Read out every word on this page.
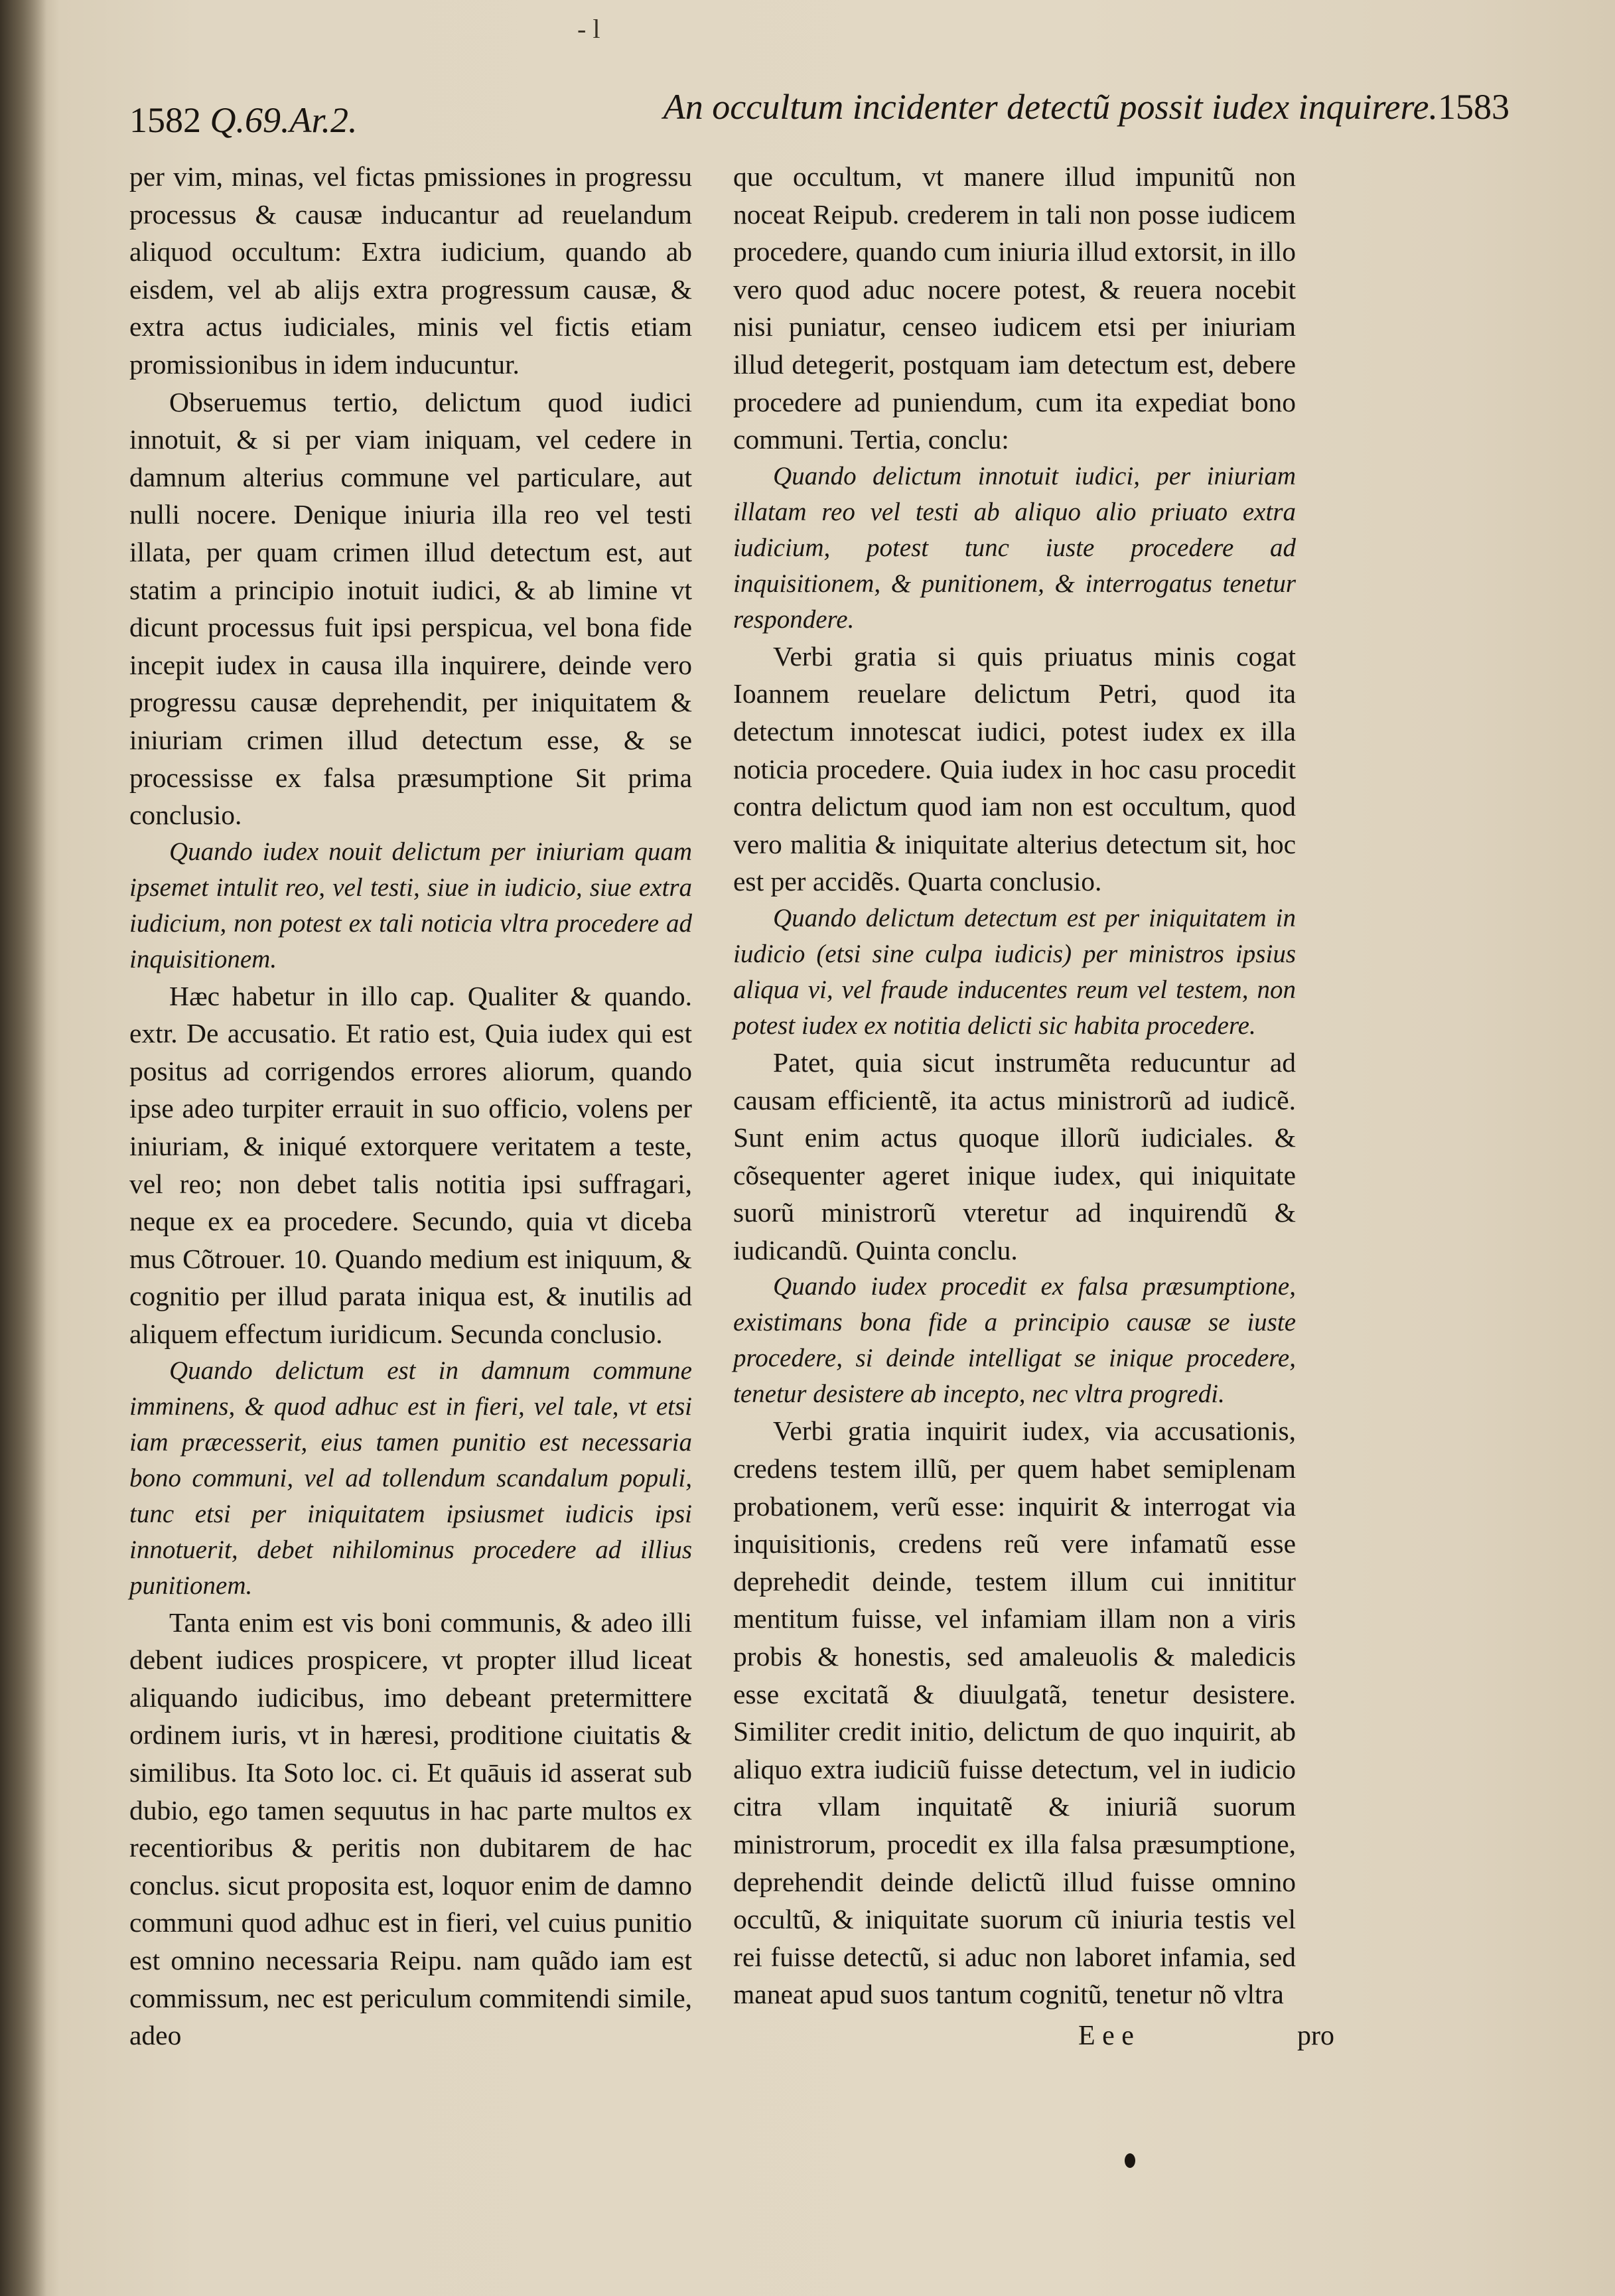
- l
1582 Q.69.Ar.2.	An occultum incidenter detectũ possit iudex inquirere.1583

per vim, minas, vel fictas pmissiones in progressu processus & causæ inducantur ad reuelandum aliquod occultum: Extra iudicium, quando ab eisdem, vel ab alijs extra progressum causæ, & extra actus iudiciales, minis vel fictis etiam promissionibus in idem inducuntur.

Obseruemus tertio, delictum quod iudici innotuit, & si per viam iniquam, vel cedere in damnum alterius commune vel particulare, aut nulli nocere. Denique iniuria illa reo vel testi illata, per quam crimen illud detectum est, aut statim a principio inotuit iudici, & ab limine vt dicunt processus fuit ipsi perspicua, vel bona fide incepit iudex in causa illa inquirere, deinde vero progressu causæ deprehendit, per iniquitatem & iniuriam crimen illud detectum esse, & se processisse ex falsa præsumptione Sit prima conclusio.

Quando iudex nouit delictum per iniuriam quam ipsemet intulit reo, vel testi, siue in iudicio, siue extra iudicium, non potest ex tali noticia vltra procedere ad inquisitionem.

Hæc habetur in illo cap. Qualiter & quando. extr. De accusatio. Et ratio est, Quia iudex qui est positus ad corrigendos errores aliorum, quando ipse adeo turpiter errauit in suo officio, volens per iniuriam, & iniqué extorquere veritatem a teste, vel reo; non debet talis notitia ipsi suffragari, neque ex ea procedere. Secundo, quia vt diceba mus Cõtrouer. 10. Quando medium est iniquum, & cognitio per illud parata iniqua est, & inutilis ad aliquem effectum iuridicum. Secunda conclusio.

Quando delictum est in damnum commune imminens, & quod adhuc est in fieri, vel tale, vt etsi iam præcesserit, eius tamen punitio est necessaria bono communi, vel ad tollendum scandalum populi, tunc etsi per iniquitatem ipsiusmet iudicis ipsi innotuerit, debet nihilominus procedere ad illius punitionem.

Tanta enim est vis boni communis, & adeo illi debent iudices prospicere, vt propter illud liceat aliquando iudicibus, imo debeant pretermittere ordinem iuris, vt in hæresi, proditione ciuitatis & similibus. Ita Soto loc. ci. Et quāuis id asserat sub dubio, ego tamen sequutus in hac parte multos ex recentioribus & peritis non dubitarem de hac conclus. sicut proposita est, loquor enim de damno communi quod adhuc est in fieri, vel cuius punitio est omnino necessaria Reipu. nam quãdo iam est commissum, nec est periculum commitendi simile, adeo

que occultum, vt manere illud impunitũ non noceat Reipub. crederem in tali non posse iudicem procedere, quando cum iniuria illud extorsit, in illo vero quod aduc nocere potest, & reuera nocebit nisi puniatur, censeo iudicem etsi per iniuriam illud detegerit, postquam iam detectum est, debere procedere ad puniendum, cum ita expediat bono communi. Tertia, conclu:

Quando delictum innotuit iudici, per iniuriam illatam reo vel testi ab aliquo alio priuato extra iudicium, potest tunc iuste procedere ad inquisitionem, & punitionem, & interrogatus tenetur respondere.

Verbi gratia si quis priuatus minis cogat Ioannem reuelare delictum Petri, quod ita detectum innotescat iudici, potest iudex ex illa noticia procedere. Quia iudex in hoc casu procedit contra delictum quod iam non est occultum, quod vero malitia & iniquitate alterius detectum sit, hoc est per accidẽs. Quarta conclusio.

Quando delictum detectum est per iniquitatem in iudicio (etsi sine culpa iudicis) per ministros ipsius aliqua vi, vel fraude inducentes reum vel testem, non potest iudex ex notitia delicti sic habita procedere.

Patet, quia sicut instrumẽta reducuntur ad causam efficientẽ, ita actus ministrorũ ad iudicẽ. Sunt enim actus quoque illorũ iudiciales. & cõsequenter ageret inique iudex, qui iniquitate suorũ ministrorũ vteretur ad inquirendũ & iudicandũ. Quinta conclu.

Quando iudex procedit ex falsa præsumptione, existimans bona fide a principio causæ se iuste procedere, si deinde intelligat se inique procedere, tenetur desistere ab incepto, nec vltra progredi.

Verbi gratia inquirit iudex, via accusationis, credens testem illũ, per quem habet semiplenam probationem, verũ esse: inquirit & interrogat via inquisitionis, credens reũ vere infamatũ esse deprehedit deinde, testem illum cui innititur mentitum fuisse, vel infamiam illam non a viris probis & honestis, sed amaleuolis & maledicis esse excitatã & diuulgatã, tenetur desistere. Similiter credit initio, delictum de quo inquirit, ab aliquo extra iudiciũ fuisse detectum, vel in iudicio citra vllam inquitatẽ & iniuriã suorum ministrorum, procedit ex illa falsa præsumptione, deprehendit deinde delictũ illud fuisse omnino occultũ, & iniquitate suorum cũ iniuria testis vel rei fuisse detectũ, si aduc non laboret infamia, sed maneat apud suos tantum cognitũ, tenetur nõ vltra

E e e	pro
